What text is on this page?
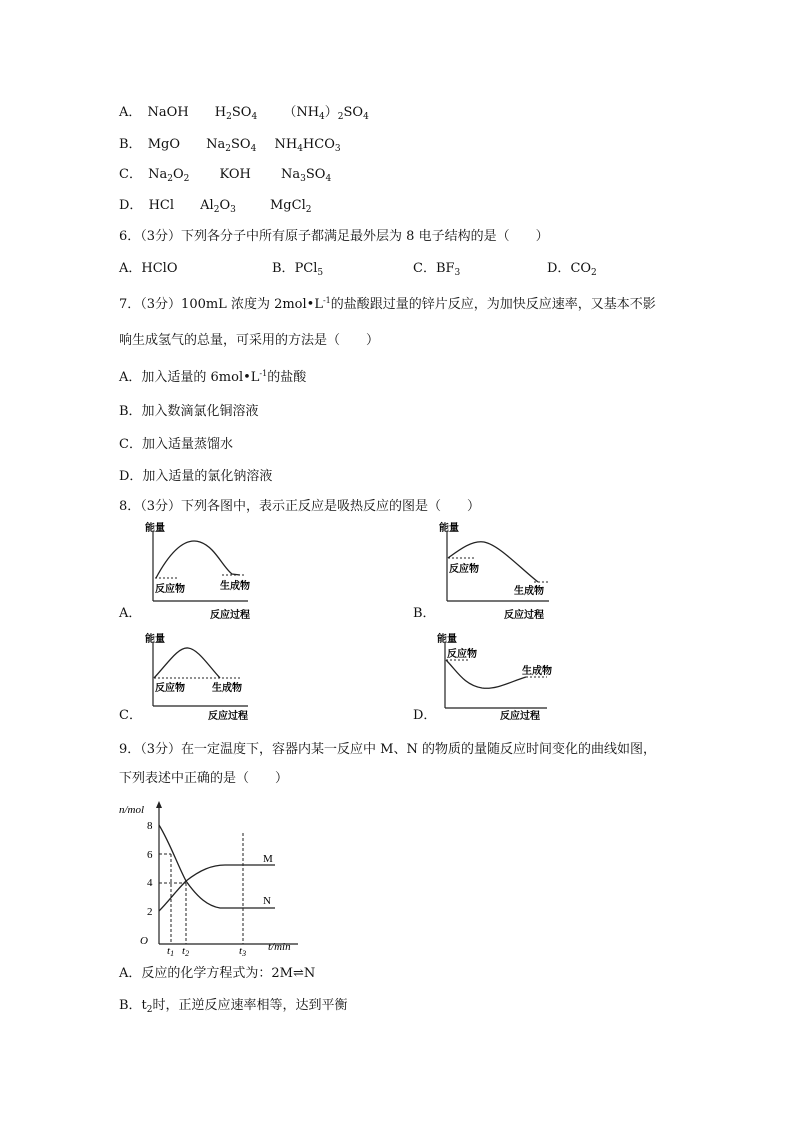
A． NaOH $H_2SO_4$ $(NH_4)_2SO_4$
B． MgO $Na_2SO_4$ $NH_4HCO_3$
C． $Na_2O_2$ KOH $Na_3SO_4$
D． HCl $Al_2O_3$	MgCl$_2$
6．（3分）下列各分子中所有原子都满足最外层为 8 电子结构的是（　　）
A．HClO	B．PCl$_5$	C．$BF_3$	D．$CO_2$
7．（3分）100mL 浓度为 $2mol•L^{-1}$的盐酸跟过量的锌片反应，为加快反应速率，又基本不影
响生成氢气的总量，可采用的方法是（　　）
A．加入适量的 $6mol•L^{-1}$的盐酸
B．加入数滴氯化铜溶液
C．加入适量蒸馏水
D．加入适量的氯化钠溶液
8．（3分）下列各图中，表示正反应是吸热反应的图是（　　）
能量
反应物	生成物
反应过程
A．
能量
反应物
生成物
反应过程
B．
能量
反应物	生成物
反应过程
C．
能量
反应物
生成物
反应过程
D．
9．（3分）在一定温度下，容器内某一反应中 M、N 的物质的量随反应时间变化的曲线如图，
下列表述中正确的是（　　）
n/mol
O	t/min
8
6
4
2
M
N
t1 t2	t3
A．反应的化学方程式为：2M⇌N
B．$t_2$时，正逆反应速率相等，达到平衡
